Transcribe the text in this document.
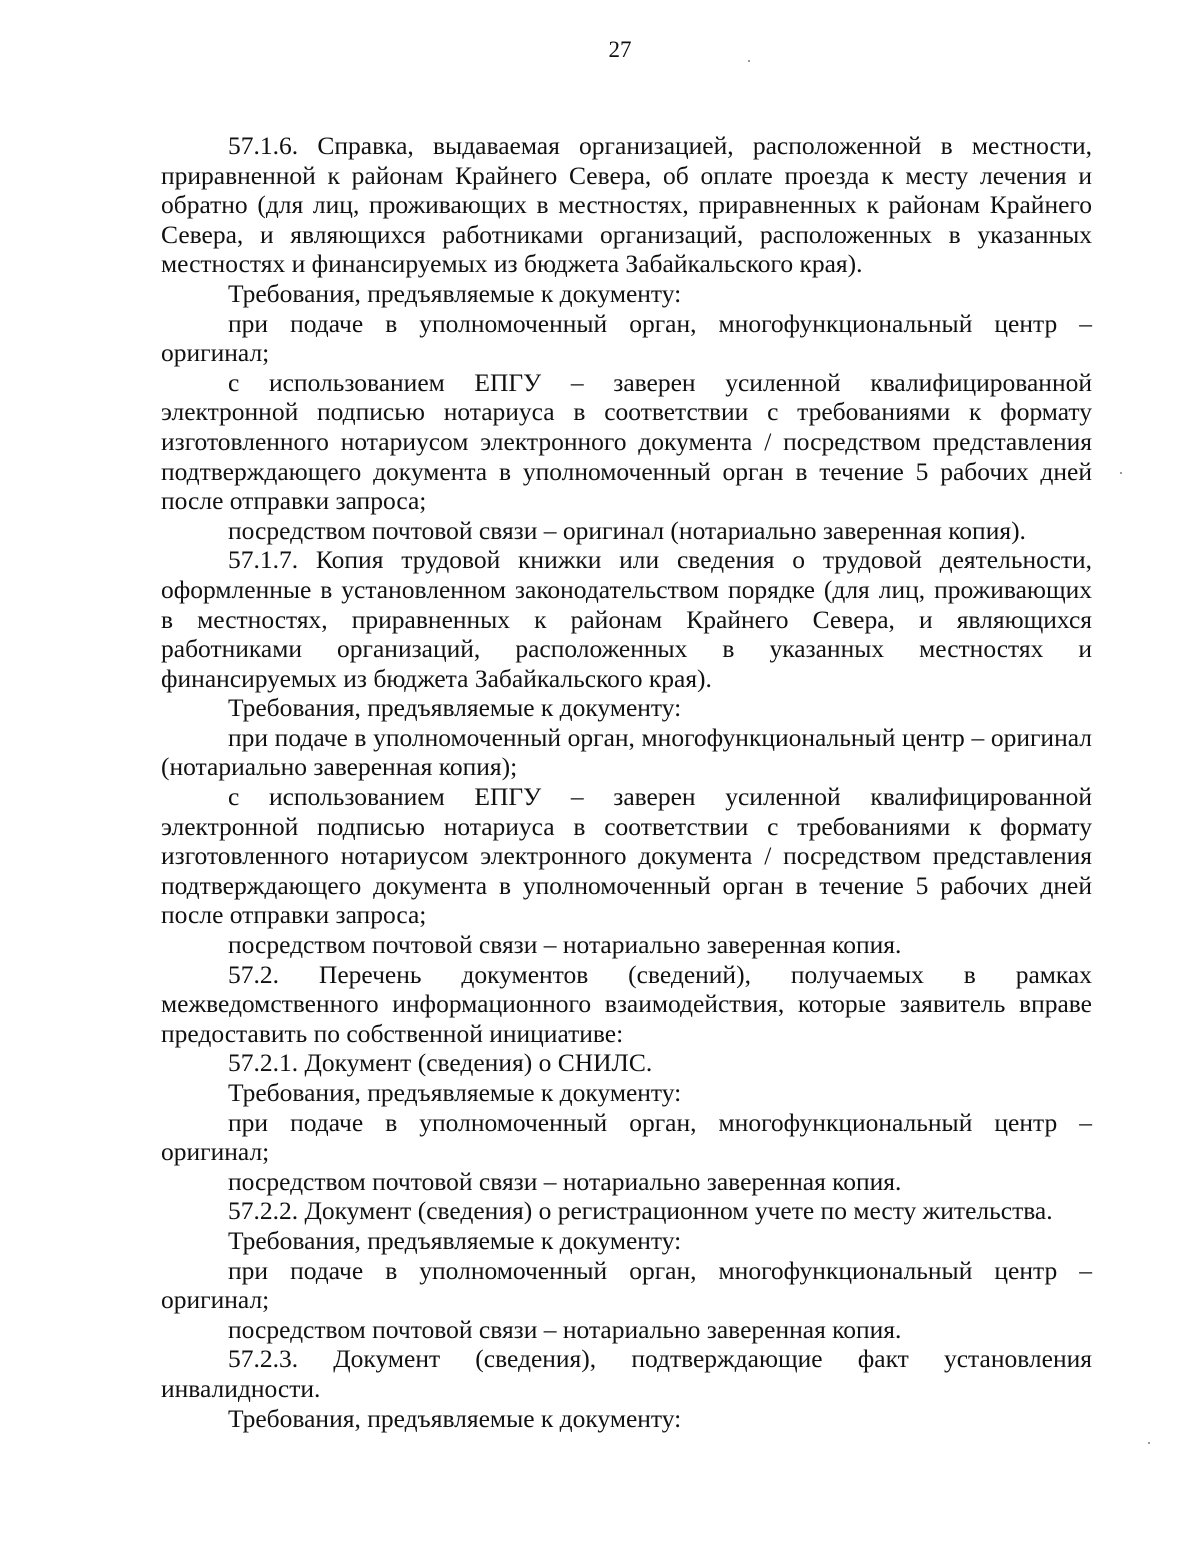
27

57.1.6. Справка, выдаваемая организацией, расположенной в местности, приравненной к районам Крайнего Севера, об оплате проезда к месту лечения и обратно (для лиц, проживающих в местностях, приравненных к районам Крайнего Севера, и являющихся работниками организаций, расположенных в указанных местностях и финансируемых из бюджета Забайкальского края).

Требования, предъявляемые к документу:

при подаче в уполномоченный орган, многофункциональный центр – оригинал;

с использованием ЕПГУ – заверен усиленной квалифицированной электронной подписью нотариуса в соответствии с требованиями к формату изготовленного нотариусом электронного документа / посредством представления подтверждающего документа в уполномоченный орган в течение 5 рабочих дней после отправки запроса;

посредством почтовой связи – оригинал (нотариально заверенная копия).

57.1.7. Копия трудовой книжки или сведения о трудовой деятельности, оформленные в установленном законодательством порядке (для лиц, проживающих в местностях, приравненных к районам Крайнего Севера, и являющихся работниками организаций, расположенных в указанных местностях и финансируемых из бюджета Забайкальского края).

Требования, предъявляемые к документу:

при подаче в уполномоченный орган, многофункциональный центр – оригинал (нотариально заверенная копия);

с использованием ЕПГУ – заверен усиленной квалифицированной электронной подписью нотариуса в соответствии с требованиями к формату изготовленного нотариусом электронного документа / посредством представления подтверждающего документа в уполномоченный орган в течение 5 рабочих дней после отправки запроса;

посредством почтовой связи – нотариально заверенная копия.

57.2. Перечень документов (сведений), получаемых в рамках межведомственного информационного взаимодействия, которые заявитель вправе предоставить по собственной инициативе:

57.2.1. Документ (сведения) о СНИЛС.

Требования, предъявляемые к документу:

при подаче в уполномоченный орган, многофункциональный центр – оригинал;

посредством почтовой связи – нотариально заверенная копия.

57.2.2. Документ (сведения) о регистрационном учете по месту жительства.

Требования, предъявляемые к документу:

при подаче в уполномоченный орган, многофункциональный центр – оригинал;

посредством почтовой связи – нотариально заверенная копия.

57.2.3. Документ (сведения), подтверждающие факт установления инвалидности.

Требования, предъявляемые к документу:
